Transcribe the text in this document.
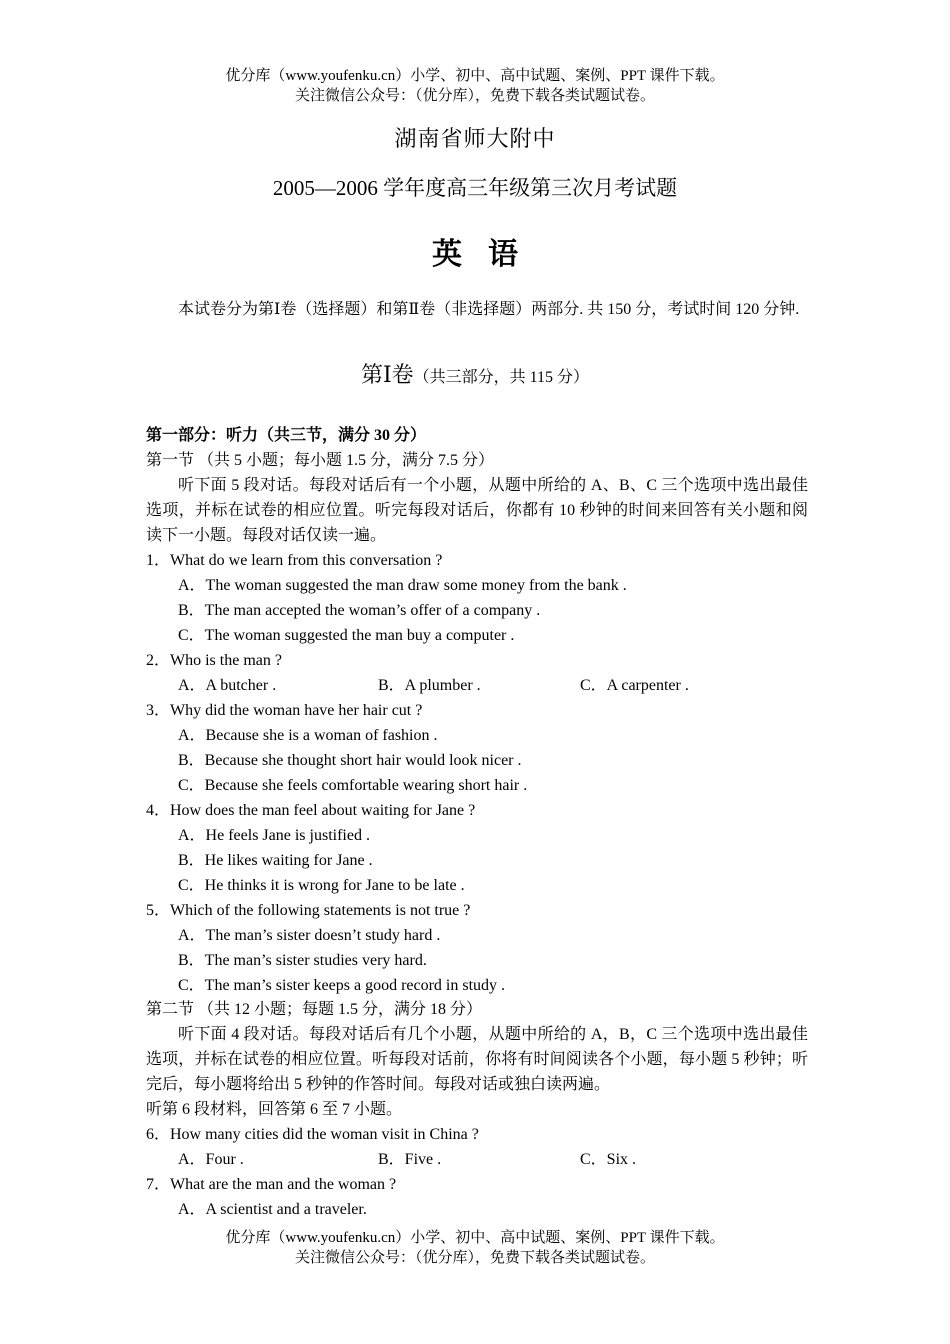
优分库（www.youfenku.cn）小学、初中、高中试题、案例、PPT 课件下载。
关注微信公众号：（优分库），免费下载各类试题试卷。
湖南省师大附中
2005—2006 学年度高三年级第三次月考试题
英语
本试卷分为第Ⅰ卷（选择题）和第Ⅱ卷（非选择题）两部分. 共 150 分，考试时间 120 分钟.
第Ⅰ卷（共三部分，共 115 分）
第一部分：听力（共三节，满分 30 分）
第一节 （共 5 小题；每小题 1.5 分，满分 7.5 分）
听下面 5 段对话。每段对话后有一个小题，从题中所给的 A、B、C 三个选项中选出最佳选项，并标在试卷的相应位置。听完每段对话后，你都有 10 秒钟的时间来回答有关小题和阅读下一小题。每段对话仅读一遍。
1．What do we learn from this conversation ?
A．The woman suggested the man draw some money from the bank .
B．The man accepted the woman’s offer of a company .
C．The woman suggested the man buy a computer .
2．Who is the man ?
A．A butcher .	B．A plumber .	C．A carpenter .
3．Why did the woman have her hair cut ?
A．Because she is a woman of fashion .
B．Because she thought short hair would look nicer .
C．Because she feels comfortable wearing short hair .
4．How does the man feel about waiting for Jane ?
A．He feels Jane is justified .
B．He likes waiting for Jane .
C．He thinks it is wrong for Jane to be late .
5．Which of the following statements is not true ?
A．The man’s sister doesn’t study hard .
B．The man’s sister studies very hard.
C．The man’s sister keeps a good record in study .
第二节 （共 12 小题；每题 1.5 分，满分 18 分）
听下面 4 段对话。每段对话后有几个小题，从题中所给的 A，B，C 三个选项中选出最佳选项，并标在试卷的相应位置。听每段对话前，你将有时间阅读各个小题，每小题 5 秒钟；听完后，每小题将给出 5 秒钟的作答时间。每段对话或独白读两遍。
听第 6 段材料，回答第 6 至 7 小题。
6．How many cities did the woman visit in China ?
A．Four .	B．Five .	C．Six .
7．What are the man and the woman ?
A．A scientist and a traveler.
优分库（www.youfenku.cn）小学、初中、高中试题、案例、PPT 课件下载。
关注微信公众号：（优分库），免费下载各类试题试卷。
